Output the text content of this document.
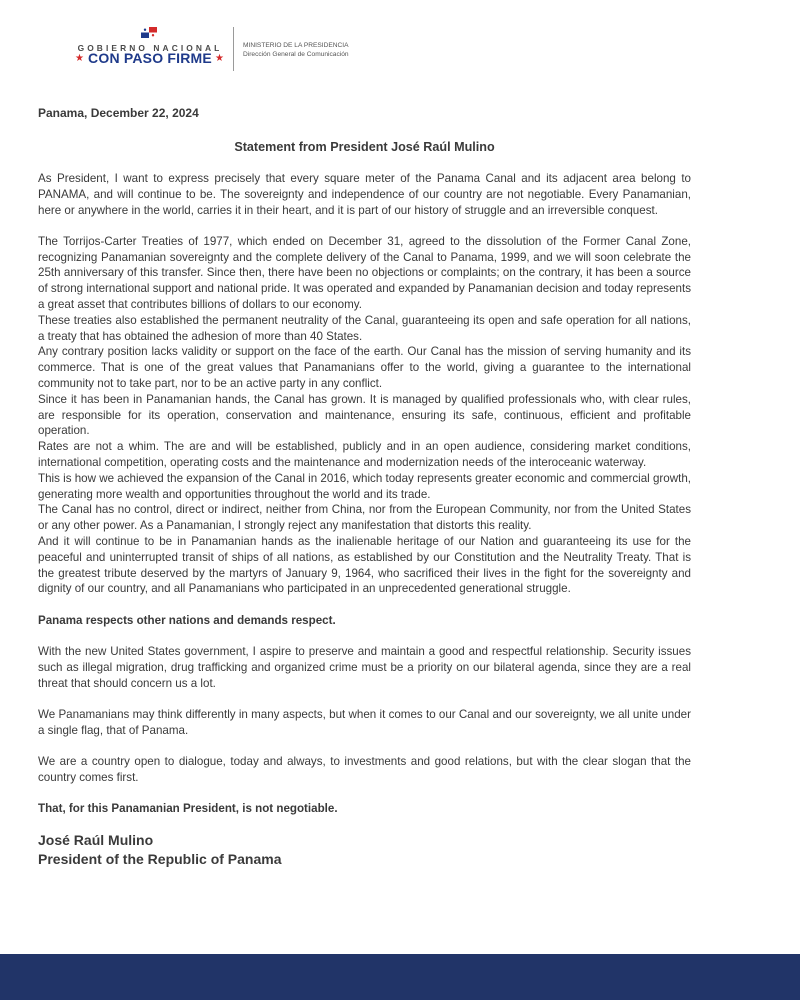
GOBIERNO NACIONAL
★ CON PASO FIRME ★
MINISTERIO DE LA PRESIDENCIA
Dirección General de Comunicación

Panama, December 22, 2024

Statement from President José Raúl Mulino

As President, I want to express precisely that every square meter of the Panama Canal and its adjacent area belong to PANAMA, and will continue to be. The sovereignty and independence of our country are not negotiable. Every Panamanian, here or anywhere in the world, carries it in their heart, and it is part of our history of struggle and an irreversible conquest.

The Torrijos-Carter Treaties of 1977, which ended on December 31, agreed to the dissolution of the Former Canal Zone, recognizing Panamanian sovereignty and the complete delivery of the Canal to Panama, 1999, and we will soon celebrate the 25th anniversary of this transfer. Since then, there have been no objections or complaints; on the contrary, it has been a source of strong international support and national pride. It was operated and expanded by Panamanian decision and today represents a great asset that contributes billions of dollars to our economy.

These treaties also established the permanent neutrality of the Canal, guaranteeing its open and safe operation for all nations, a treaty that has obtained the adhesion of more than 40 States.

Any contrary position lacks validity or support on the face of the earth. Our Canal has the mission of serving humanity and its commerce. That is one of the great values that Panamanians offer to the world, giving a guarantee to the international community not to take part, nor to be an active party in any conflict.

Since it has been in Panamanian hands, the Canal has grown. It is managed by qualified professionals who, with clear rules, are responsible for its operation, conservation and maintenance, ensuring its safe, continuous, efficient and profitable operation.

Rates are not a whim. The are and will be established, publicly and in an open audience, considering market conditions, international competition, operating costs and the maintenance and modernization needs of the interoceanic waterway.

This is how we achieved the expansion of the Canal in 2016, which today represents greater economic and commercial growth, generating more wealth and opportunities throughout the world and its trade.

The Canal has no control, direct or indirect, neither from China, nor from the European Community, nor from the United States or any other power. As a Panamanian, I strongly reject any manifestation that distorts this reality.

And it will continue to be in Panamanian hands as the inalienable heritage of our Nation and guaranteeing its use for the peaceful and uninterrupted transit of ships of all nations, as established by our Constitution and the Neutrality Treaty. That is the greatest tribute deserved by the martyrs of January 9, 1964, who sacrificed their lives in the fight for the sovereignty and dignity of our country, and all Panamanians who participated in an unprecedented generational struggle.

Panama respects other nations and demands respect.

With the new United States government, I aspire to preserve and maintain a good and respectful relationship. Security issues such as illegal migration, drug trafficking and organized crime must be a priority on our bilateral agenda, since they are a real threat that should concern us a lot.

We Panamanians may think differently in many aspects, but when it comes to our Canal and our sovereignty, we all unite under a single flag, that of Panama.

We are a country open to dialogue, today and always, to investments and good relations, but with the clear slogan that the country comes first.

That, for this Panamanian President, is not negotiable.

José Raúl Mulino

President of the Republic of Panama
